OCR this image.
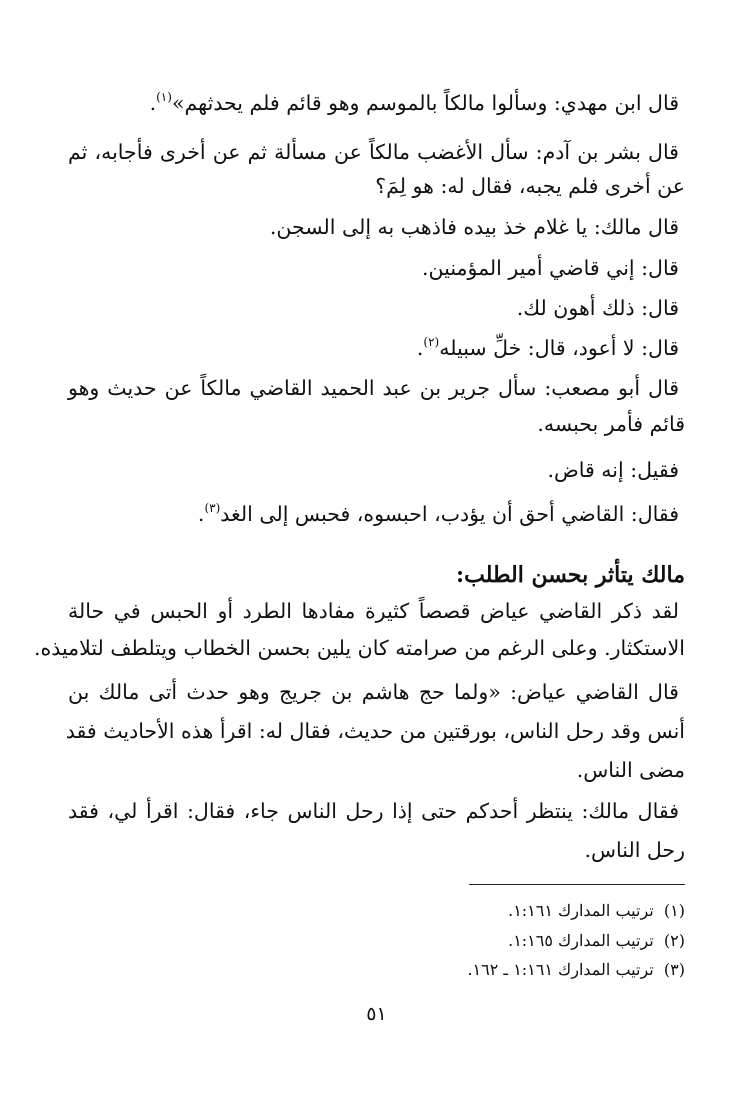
قال ابن مهدي: وسألوا مالكاً بالموسم وهو قائم فلم يحدثهم»$^{(١)}$.
قال بشر بن آدم: سأل الأغضب مالكاً عن مسألة ثم عن أخرى فأجابه، ثم
عن أخرى فلم يجبه، فقال له: هو لِمَ؟
قال مالك: يا غلام خذ بيده فاذهب به إلى السجن.
قال: إني قاضي أمير المؤمنين.
قال: ذلك أهون لك.
قال: لا أعود، قال: خلِّ سبيله$^{(٢)}$.
قال أبو مصعب: سأل جرير بن عبد الحميد القاضي مالكاً عن حديث وهو
قائم فأمر بحبسه.
فقيل: إنه قاض.
فقال: القاضي أحق أن يؤدب، احبسوه، فحبس إلى الغد$^{(٣)}$.
مالك يتأثر بحسن الطلب:
لقد ذكر القاضي عياض قصصاً كثيرة مفادها الطرد أو الحبس في حالة
الاستكثار. وعلى الرغم من صرامته كان يلين بحسن الخطاب ويتلطف لتلاميذه.
قال القاضي عياض: «ولما حج هاشم بن جريج وهو حدث أتى مالك بن
أنس وقد رحل الناس، بورقتين من حديث، فقال له: اقرأ هذه الأحاديث فقد
مضى الناس.
فقال مالك: ينتظر أحدكم حتى إذا رحل الناس جاء، فقال: اقرأ لي، فقد
رحل الناس.
(١)  ترتيب المدارك ١:١٦١.
(٢)  ترتيب المدارك ١:١٦٥.
(٣)  ترتيب المدارك ١:١٦١ ـ ١٦٢.
٥١
